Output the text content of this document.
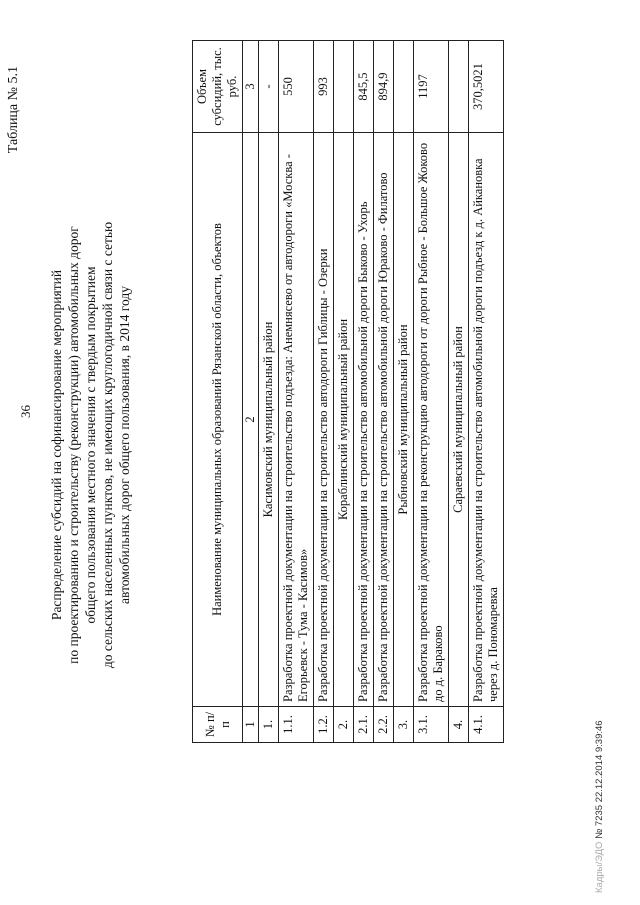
36
Таблица № 5.1
Распределение субсидий на софинансирование мероприятий по проектированию и строительству (реконструкции) автомобильных дорог общего пользования местного значения с твердым покрытием до сельских населенных пунктов, не имеющих круглогодичной связи с сетью автомобильных дорог общего пользования, в 2014 году
№ п/п	Наименование муниципальных образований Рязанской области, объектов	Объем субсидий, тыс. руб.
1	2	3
1.	Касимовский муниципальный район	-
1.1.	Разработка проектной документации на строительство подъезда: Анемнясево от автодороги «Москва - Егорьевск - Тума - Касимов»	550
1.2.	Разработка проектной документации на строительство автодороги Гиблицы - Озерки	993
2.	Кораблинский муниципальный район	
2.1.	Разработка проектной документации на строительство автомобильной дороги Быково - Ухорь	845,5
2.2.	Разработка проектной документации на строительство автомобильной дороги Юраково - Филатово	894,9
3.	Рыбновский муниципальный район	
3.1.	Разработка проектной документации на реконструкцию автодороги от дороги Рыбное - Большое Жоково до д. Бараково	1197
4.	Сараевский муниципальный район	
4.1.	Разработка проектной документации на строительство автомобильной дороги подъезд к д. Айкановка через д. Пономаревка	370,5021
Кадры/ЭДО № 7235 22.12.2014 9:39:46
